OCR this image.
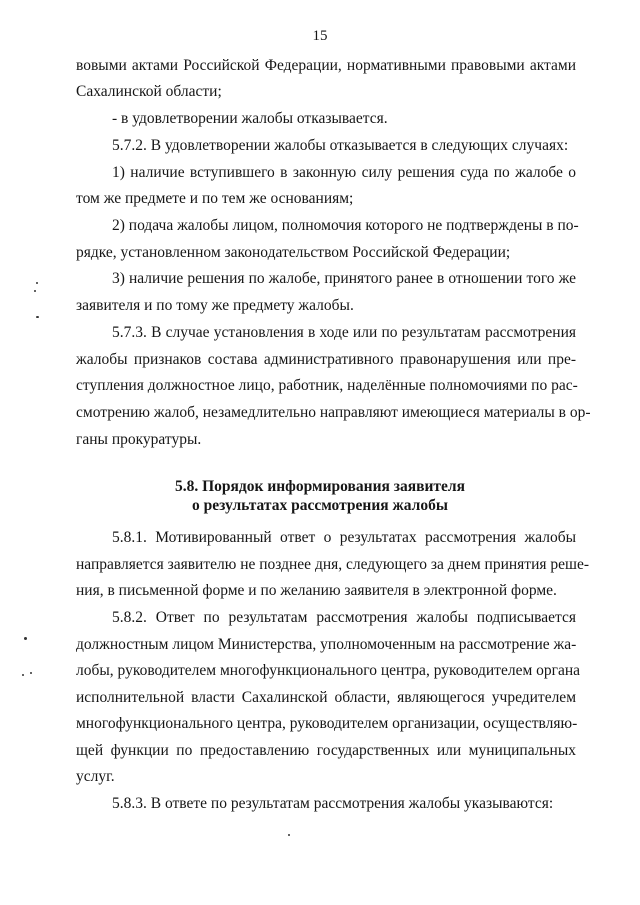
15
вовыми актами Российской Федерации, нормативными правовыми актами
Сахалинской области;
- в удовлетворении жалобы отказывается.
5.7.2. В удовлетворении жалобы отказывается в следующих случаях:
1) наличие вступившего в законную силу решения суда по жалобе о
том же предмете и по тем же основаниям;
2) подача жалобы лицом, полномочия которого не подтверждены в по-
рядке, установленном законодательством Российской Федерации;
3) наличие решения по жалобе, принятого ранее в отношении того же
заявителя и по тому же предмету жалобы.
5.7.3. В случае установления в ходе или по результатам рассмотрения
жалобы признаков состава административного правонарушения или пре-
ступления должностное лицо, работник, наделённые полномочиями по рас-
смотрению жалоб, незамедлительно направляют имеющиеся материалы в ор-
ганы прокуратуры.
5.8. Порядок информирования заявителя
о результатах рассмотрения жалобы
5.8.1. Мотивированный ответ о результатах рассмотрения жалобы
направляется заявителю не позднее дня, следующего за днем принятия реше-
ния, в письменной форме и по желанию заявителя в электронной форме.
5.8.2. Ответ по результатам рассмотрения жалобы подписывается
должностным лицом Министерства, уполномоченным на рассмотрение жа-
лобы, руководителем многофункционального центра, руководителем органа
исполнительной власти Сахалинской области, являющегося учредителем
многофункционального центра, руководителем организации, осуществляю-
щей функции по предоставлению государственных или муниципальных
услуг.
5.8.3. В ответе по результатам рассмотрения жалобы указываются:
